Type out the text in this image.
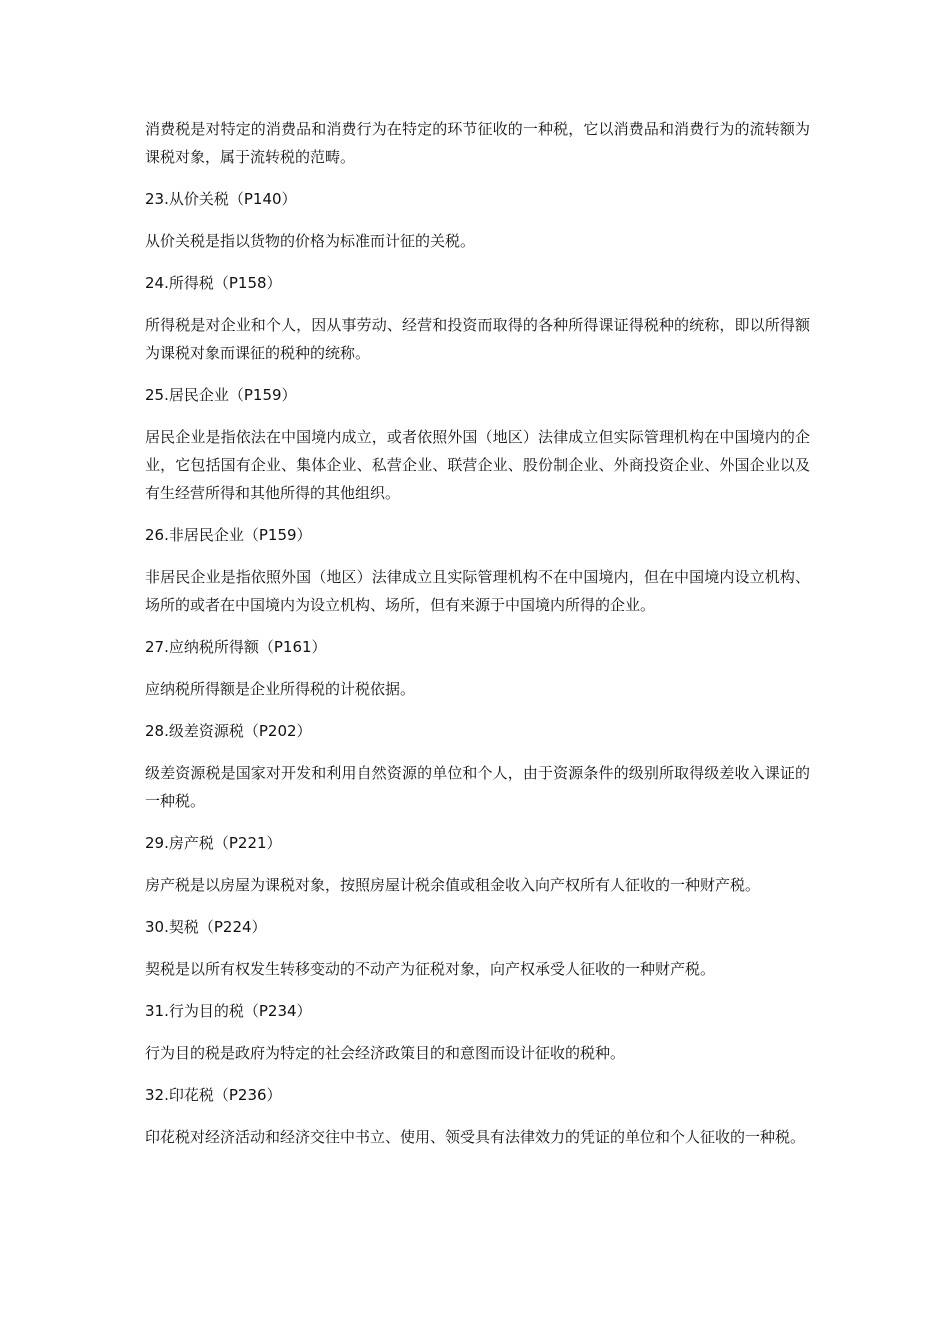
消费税是对特定的消费品和消费行为在特定的环节征收的一种税，它以消费品和消费行为的流转额为课税对象，属于流转税的范畴。

23.从价关税（P140）

从价关税是指以货物的价格为标准而计征的关税。

24.所得税（P158）

所得税是对企业和个人，因从事劳动、经营和投资而取得的各种所得课证得税种的统称，即以所得额为课税对象而课征的税种的统称。

25.居民企业（P159）

居民企业是指依法在中国境内成立，或者依照外国（地区）法律成立但实际管理机构在中国境内的企业，它包括国有企业、集体企业、私营企业、联营企业、股份制企业、外商投资企业、外国企业以及有生经营所得和其他所得的其他组织。

26.非居民企业（P159）

非居民企业是指依照外国（地区）法律成立且实际管理机构不在中国境内，但在中国境内设立机构、场所的或者在中国境内为设立机构、场所，但有来源于中国境内所得的企业。

27.应纳税所得额（P161）

应纳税所得额是企业所得税的计税依据。

28.级差资源税（P202）

级差资源税是国家对开发和利用自然资源的单位和个人，由于资源条件的级别所取得级差收入课证的一种税。

29.房产税（P221）

房产税是以房屋为课税对象，按照房屋计税余值或租金收入向产权所有人征收的一种财产税。

30.契税（P224）

契税是以所有权发生转移变动的不动产为征税对象，向产权承受人征收的一种财产税。

31.行为目的税（P234）

行为目的税是政府为特定的社会经济政策目的和意图而设计征收的税种。

32.印花税（P236）

印花税对经济活动和经济交往中书立、使用、领受具有法律效力的凭证的单位和个人征收的一种税。
